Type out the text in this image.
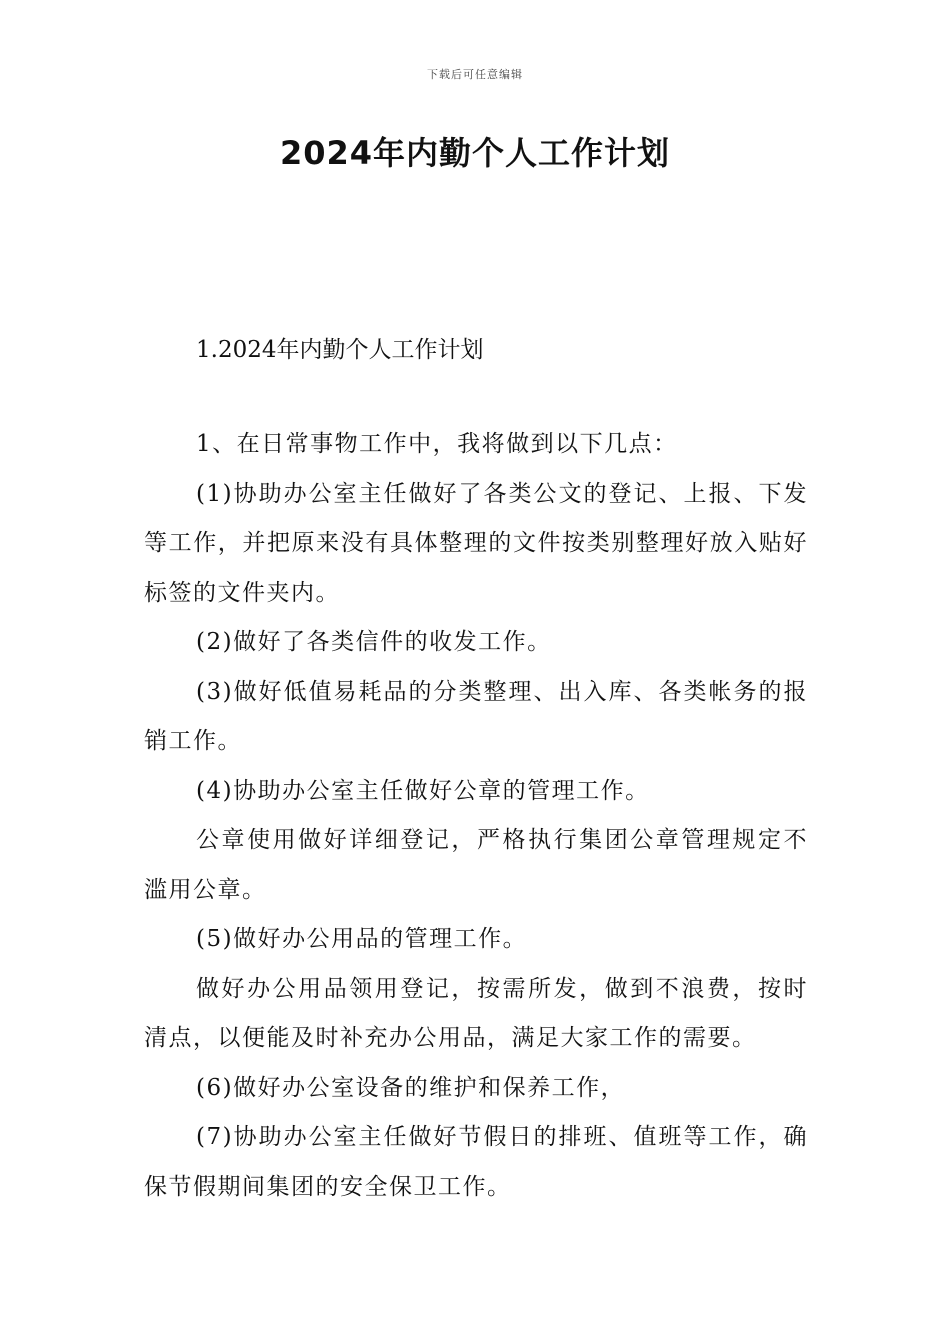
下载后可任意编辑
2024年内勤个人工作计划

1.2024年内勤个人工作计划

1、在日常事物工作中，我将做到以下几点：

(1)协助办公室主任做好了各类公文的登记、上报、下发等工作，并把原来没有具体整理的文件按类别整理好放入贴好标签的文件夹内。

(2)做好了各类信件的收发工作。

(3)做好低值易耗品的分类整理、出入库、各类帐务的报销工作。

(4)协助办公室主任做好公章的管理工作。

公章使用做好详细登记，严格执行集团公章管理规定不滥用公章。

(5)做好办公用品的管理工作。

做好办公用品领用登记，按需所发，做到不浪费，按时清点，以便能及时补充办公用品，满足大家工作的需要。

(6)做好办公室设备的维护和保养工作，

(7)协助办公室主任做好节假日的排班、值班等工作，确保节假期间集团的安全保卫工作。
